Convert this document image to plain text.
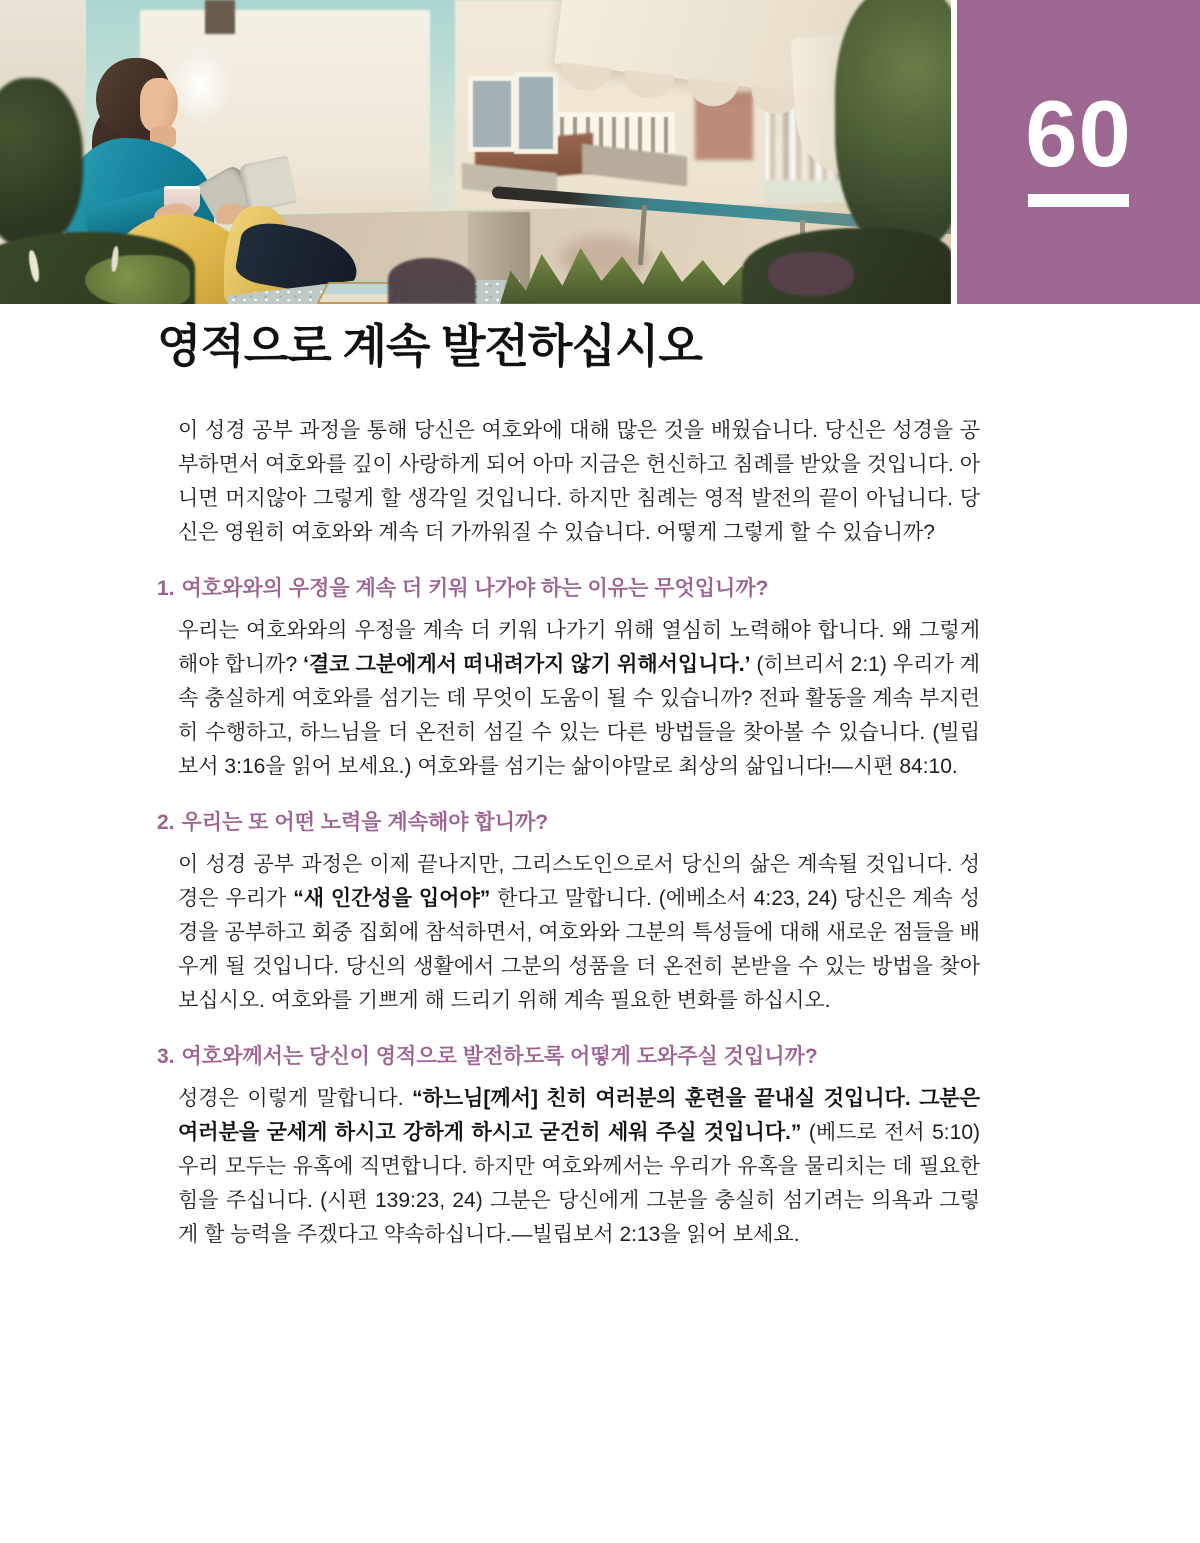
60
영적으로 계속 발전하십시오

이 성경 공부 과정을 통해 당신은 여호와에 대해 많은 것을 배웠습니다. 당신은 성경을 공부하면서 여호와를 깊이 사랑하게 되어 아마 지금은 헌신하고 침례를 받았을 것입니다. 아니면 머지않아 그렇게 할 생각일 것입니다. 하지만 침례는 영적 발전의 끝이 아닙니다. 당신은 영원히 여호와와 계속 더 가까워질 수 있습니다. 어떻게 그렇게 할 수 있습니까?

1. 여호와와의 우정을 계속 더 키워 나가야 하는 이유는 무엇입니까?

우리는 여호와와의 우정을 계속 더 키워 나가기 위해 열심히 노력해야 합니다. 왜 그렇게 해야 합니까? ‘결코 그분에게서 떠내려가지 않기 위해서입니다.’ (히브리서 2:1) 우리가 계속 충실하게 여호와를 섬기는 데 무엇이 도움이 될 수 있습니까? 전파 활동을 계속 부지런히 수행하고, 하느님을 더 온전히 섬길 수 있는 다른 방법들을 찾아볼 수 있습니다. (빌립보서 3:16을 읽어 보세요.) 여호와를 섬기는 삶이야말로 최상의 삶입니다!—시편 84:10.

2. 우리는 또 어떤 노력을 계속해야 합니까?

이 성경 공부 과정은 이제 끝나지만, 그리스도인으로서 당신의 삶은 계속될 것입니다. 성경은 우리가 “새 인간성을 입어야” 한다고 말합니다. (에베소서 4:23, 24) 당신은 계속 성경을 공부하고 회중 집회에 참석하면서, 여호와와 그분의 특성들에 대해 새로운 점들을 배우게 될 것입니다. 당신의 생활에서 그분의 성품을 더 온전히 본받을 수 있는 방법을 찾아보십시오. 여호와를 기쁘게 해 드리기 위해 계속 필요한 변화를 하십시오.

3. 여호와께서는 당신이 영적으로 발전하도록 어떻게 도와주실 것입니까?

성경은 이렇게 말합니다. “하느님[께서] 친히 여러분의 훈련을 끝내실 것입니다. 그분은 여러분을 굳세게 하시고 강하게 하시고 굳건히 세워 주실 것입니다.” (베드로 전서 5:10) 우리 모두는 유혹에 직면합니다. 하지만 여호와께서는 우리가 유혹을 물리치는 데 필요한 힘을 주십니다. (시편 139:23, 24) 그분은 당신에게 그분을 충실히 섬기려는 의욕과 그렇게 할 능력을 주겠다고 약속하십니다.—빌립보서 2:13을 읽어 보세요.
